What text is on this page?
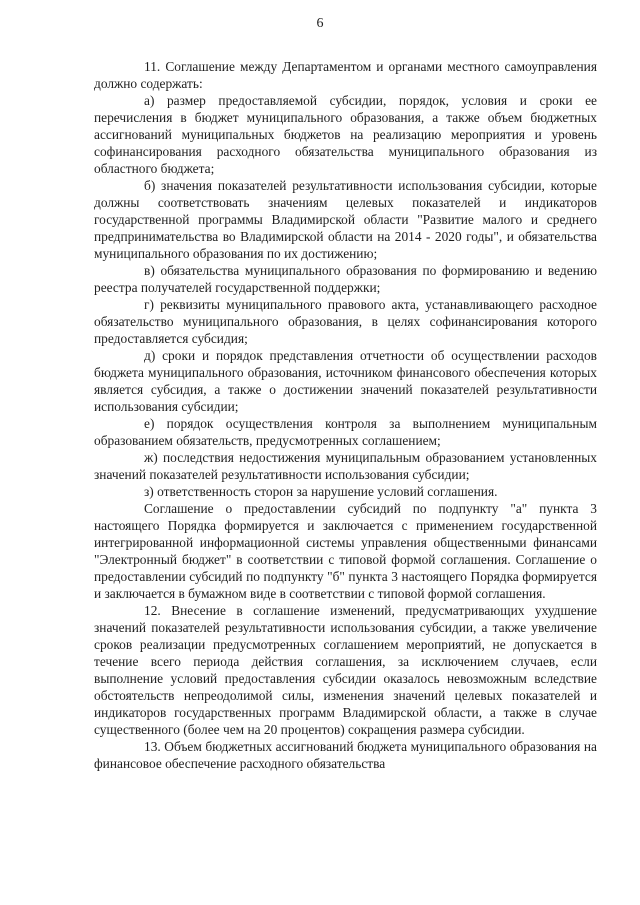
6

11. Соглашение между Департаментом и органами местного самоуправления должно содержать:

а) размер предоставляемой субсидии, порядок, условия и сроки ее перечисления в бюджет муниципального образования, а также объем бюджетных ассигнований муниципальных бюджетов на реализацию мероприятия и уровень софинансирования расходного обязательства муниципального образования из областного бюджета;

б) значения показателей результативности использования субсидии, которые должны соответствовать значениям целевых показателей и индикаторов государственной программы Владимирской области "Развитие малого и среднего предпринимательства во Владимирской области на 2014 - 2020 годы", и обязательства муниципального образования по их достижению;

в) обязательства муниципального образования по формированию и ведению реестра получателей государственной поддержки;

г) реквизиты муниципального правового акта, устанавливающего расходное обязательство муниципального образования, в целях софинансирования которого предоставляется субсидия;

д) сроки и порядок представления отчетности об осуществлении расходов бюджета муниципального образования, источником финансового обеспечения которых является субсидия, а также о достижении значений показателей результативности использования субсидии;

е) порядок осуществления контроля за выполнением муниципальным образованием обязательств, предусмотренных соглашением;

ж) последствия недостижения муниципальным образованием установленных значений показателей результативности использования субсидии;

з) ответственность сторон за нарушение условий соглашения.

Соглашение о предоставлении субсидий по подпункту "а" пункта 3 настоящего Порядка формируется и заключается с применением государственной интегрированной информационной системы управления общественными финансами "Электронный бюджет" в соответствии с типовой формой соглашения. Соглашение о предоставлении субсидий по подпункту "б" пункта 3 настоящего Порядка формируется и заключается в бумажном виде в соответствии с типовой формой соглашения.

12. Внесение в соглашение изменений, предусматривающих ухудшение значений показателей результативности использования субсидии, а также увеличение сроков реализации предусмотренных соглашением мероприятий, не допускается в течение всего периода действия соглашения, за исключением случаев, если выполнение условий предоставления субсидии оказалось невозможным вследствие обстоятельств непреодолимой силы, изменения значений целевых показателей и индикаторов государственных программ Владимирской области, а также в случае существенного (более чем на 20 процентов) сокращения размера субсидии.

13. Объем бюджетных ассигнований бюджета муниципального образования на финансовое обеспечение расходного обязательства
